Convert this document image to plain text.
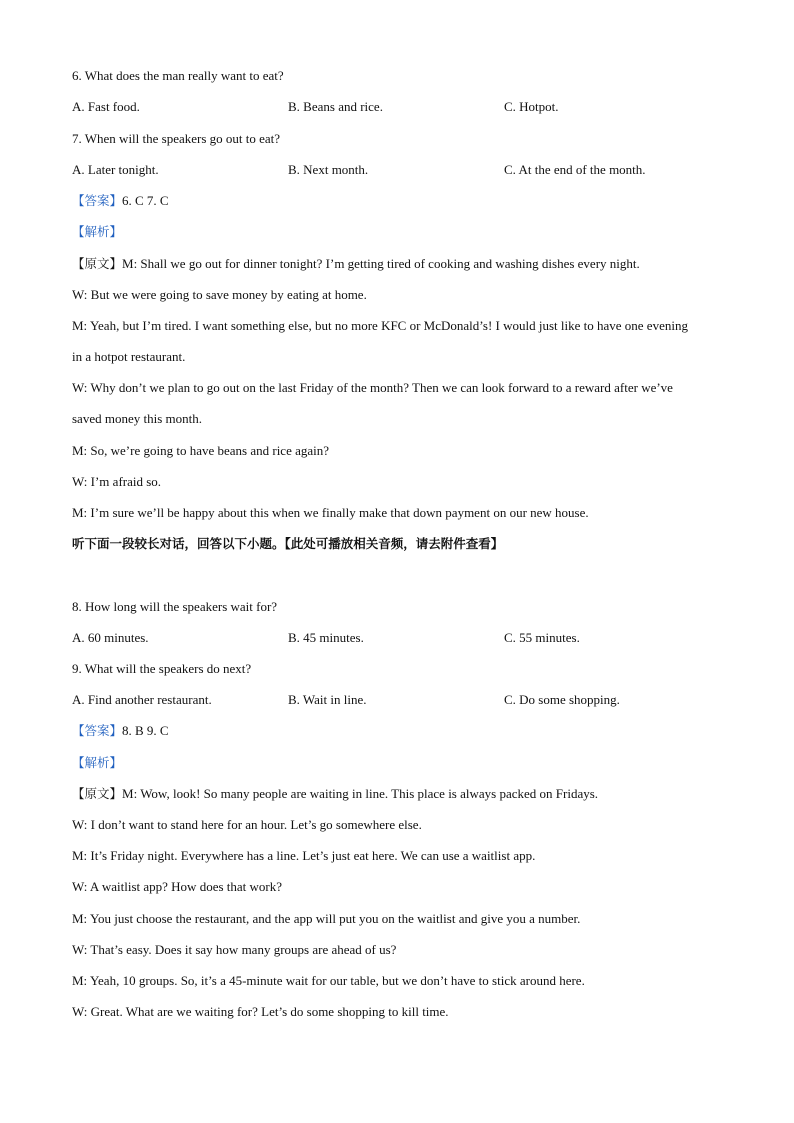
6. What does the man really want to eat?
A. Fast food.	B. Beans and rice.	C. Hotpot.
7. When will the speakers go out to eat?
A. Later tonight.	B. Next month.	C. At the end of the month.
【答案】6. C 7. C
【解析】
【原文】M: Shall we go out for dinner tonight? I’m getting tired of cooking and washing dishes every night.
W: But we were going to save money by eating at home.
M: Yeah, but I’m tired. I want something else, but no more KFC or McDonald’s! I would just like to have one evening
in a hotpot restaurant.
W: Why don’t we plan to go out on the last Friday of the month? Then we can look forward to a reward after we’ve
saved money this month.
M: So, we’re going to have beans and rice again?
W: I’m afraid so.
M: I’m sure we’ll be happy about this when we finally make that down payment on our new house.
听下面一段较长对话，回答以下小题。【此处可播放相关音频，请去附件查看】
8. How long will the speakers wait for?
A. 60 minutes.	B. 45 minutes.	C. 55 minutes.
9. What will the speakers do next?
A. Find another restaurant.	B. Wait in line.	C. Do some shopping.
【答案】8. B 9. C
【解析】
【原文】M: Wow, look! So many people are waiting in line. This place is always packed on Fridays.
W: I don’t want to stand here for an hour. Let’s go somewhere else.
M: It’s Friday night. Everywhere has a line. Let’s just eat here. We can use a waitlist app.
W: A waitlist app? How does that work?
M: You just choose the restaurant, and the app will put you on the waitlist and give you a number.
W: That’s easy. Does it say how many groups are ahead of us?
M: Yeah, 10 groups. So, it’s a 45-minute wait for our table, but we don’t have to stick around here.
W: Great. What are we waiting for? Let’s do some shopping to kill time.
